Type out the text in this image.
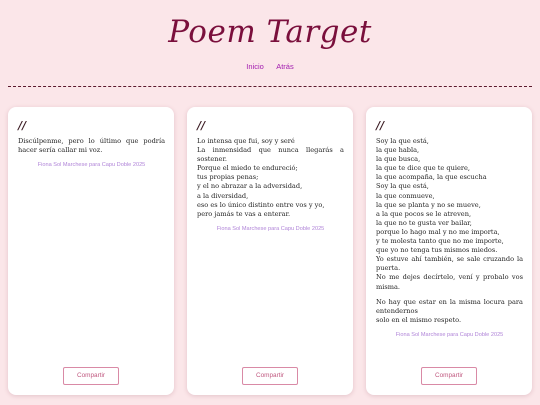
Poem Target
Inicio Atrás
//
Discúlpenme, pero lo último que podría hacer sería callar mi voz.
Fiona Sol Marchese para Capu Doble 2025
Compartir
//
Lo intensa que fui, soy y seré
La inmensidad que nunca llegarás a sostener.
Porque el miedo te endureció;
tus propias penas;
y el no abrazar a la adversidad,
a la diversidad,
eso es lo único distinto entre vos y yo,
pero jamás te vas a enterar.
Fiona Sol Marchese para Capu Doble 2025
Compartir
//
Soy la que está,
la que habla,
la que busca,
la que te dice que te quiere,
la que acompaña, la que escucha
Soy la que está,
la que conmueve,
la que se planta y no se mueve,
a la que pocos se le atreven,
la que no te gusta ver bailar,
porque lo hago mal y no me importa,
y te molesta tanto que no me importe,
que yo no tenga tus mismos miedos.
Yo estuve ahí también, se sale cruzando la puerta.
No me dejes decírtelo, vení y probalo vos misma.
No hay que estar en la misma locura para entendernos
solo en el mismo respeto.
Fiona Sol Marchese para Capu Doble 2025
Compartir
